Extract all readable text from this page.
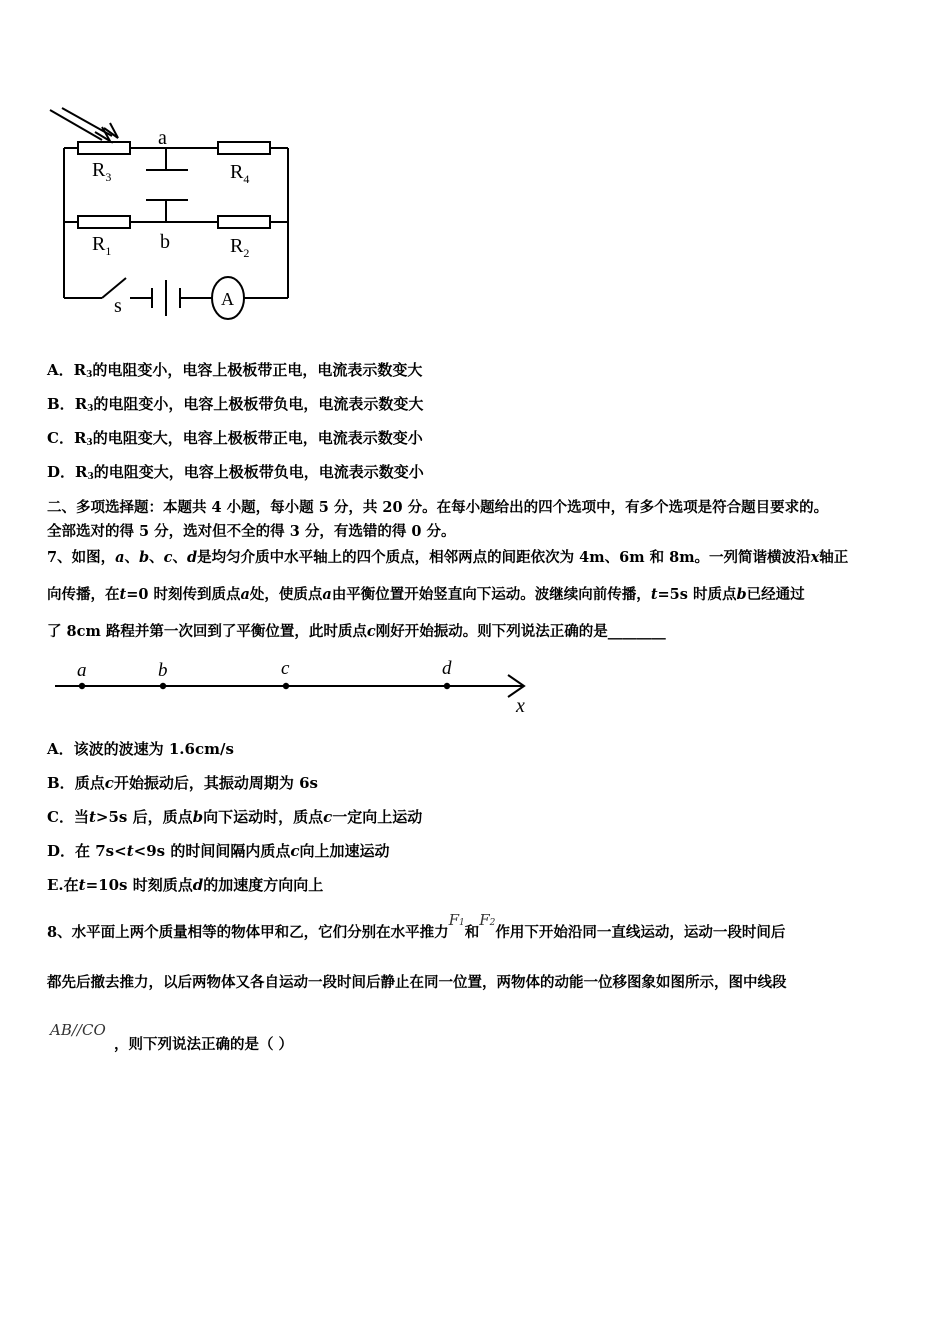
a
$R_3$	$R_4$
b
$R_1$	$R_2$
s	A
A．$R_3$的电阻变小，电容上极板带正电，电流表示数变大
B．$R_3$的电阻变小，电容上极板带负电，电流表示数变大
C．$R_3$的电阻变大，电容上极板带正电，电流表示数变小
D．$R_3$的电阻变大，电容上极板带负电，电流表示数变小
二、多项选择题：本题共 4 小题，每小题 5 分，共 20 分。在每小题给出的四个选项中，有多个选项是符合题目要求的。
全部选对的得 5 分，选对但不全的得 3 分，有选错的得 0 分。
7、如图，a、b、c、d是均匀介质中水平轴上的四个质点，相邻两点的间距依次为 4m、6m 和 8m。一列简谐横波沿x轴正
向传播，在t=0 时刻传到质点a处，使质点a由平衡位置开始竖直向下运动。波继续向前传播，t=5s 时质点b已经通过
了 8cm 路程并第一次回到了平衡位置，此时质点c刚好开始振动。则下列说法正确的是________
a	b	c	d
x
A．该波的波速为 1.6cm/s
B．质点c开始振动后，其振动周期为 6s
C．当t>5s 后，质点b向下运动时，质点c一定向上运动
D．在 7s<t<9s 的时间间隔内质点c向上加速运动
E.在t=10s 时刻质点d的加速度方向向上
8、水平面上两个质量相等的物体甲和乙，它们分别在水平推力F1和F2作用下开始沿同一直线运动，运动一段时间后
都先后撤去推力，以后两物体又各自运动一段时间后静止在同一位置，两物体的动能一位移图象如图所示，图中线段
AB//CO
，则下列说法正确的是（ ）
